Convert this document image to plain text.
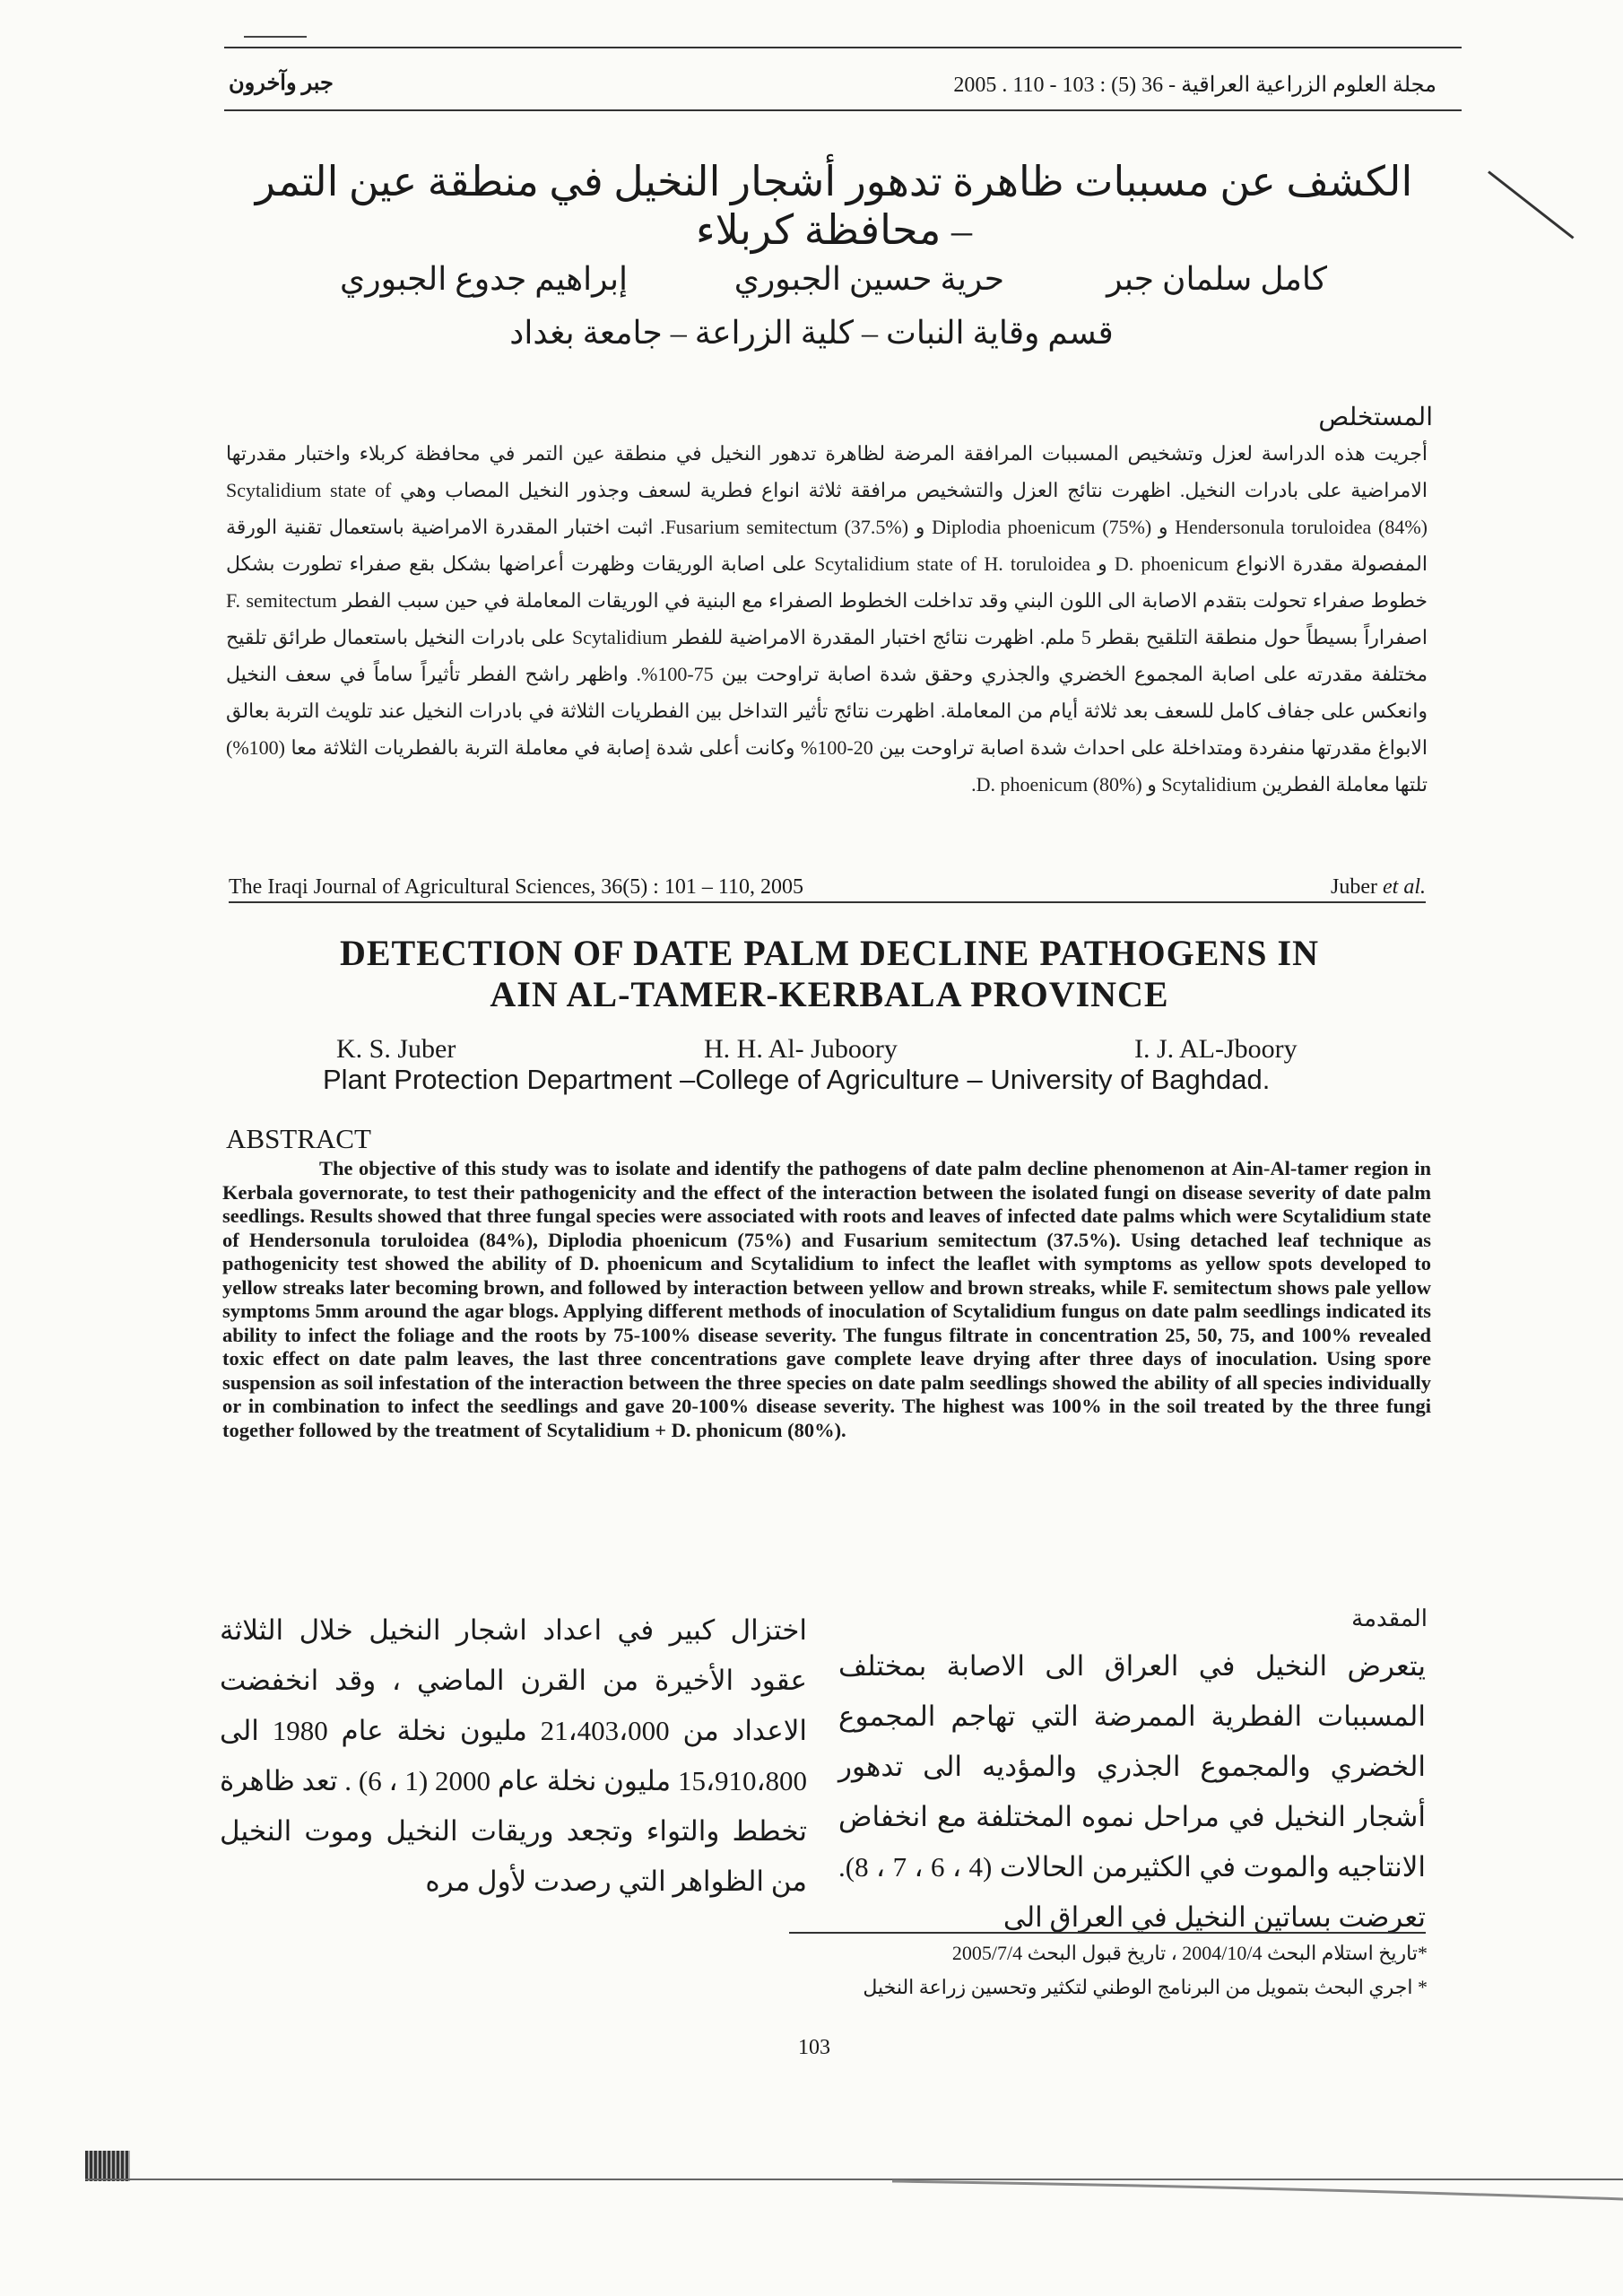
جبر وآخرون	مجلة العلوم الزراعية العراقية - 36 (5) : 103 - 110 . 2005
الكشف عن مسببات ظاهرة تدهور أشجار النخيل في منطقة عين التمر – محافظة كربلاء
كامل سلمان جبر
حرية حسين الجبوري
إبراهيم جدوع الجبوري
قسم وقاية النبات – كلية الزراعة – جامعة بغداد
المستخلص
أجريت هذه الدراسة لعزل وتشخيص المسببات المرافقة المرضة لظاهرة تدهور النخيل في منطقة عين التمر في محافظة كربلاء واختبار مقدرتها الامراضية على بادرات النخيل. اظهرت نتائج العزل والتشخيص مرافقة ثلاثة انواع فطرية لسعف وجذور النخيل المصاب وهي Scytalidium state of Hendersonula toruloidea (84%) و Diplodia phoenicum (75%) و Fusarium semitectum (37.5%). اثبت اختبار المقدرة الامراضية باستعمال تقنية الورقة المفصولة مقدرة الانواع D. phoenicum و Scytalidium state of H. toruloidea على اصابة الوريقات وظهرت أعراضها بشكل بقع صفراء تطورت بشكل خطوط صفراء تحولت بتقدم الاصابة الى اللون البني وقد تداخلت الخطوط الصفراء مع البنية في الوريقات المعاملة في حين سبب الفطر F. semitectum اصفراراً بسيطاً حول منطقة التلقيح بقطر 5 ملم. اظهرت نتائج اختبار المقدرة الامراضية للفطر Scytalidium على بادرات النخيل باستعمال طرائق تلقيح مختلفة مقدرته على اصابة المجموع الخضري والجذري وحقق شدة اصابة تراوحت بين 75-100%. واظهر راشح الفطر تأثيراً ساماً في سعف النخيل وانعكس على جفاف كامل للسعف بعد ثلاثة أيام من المعاملة. اظهرت نتائج تأثير التداخل بين الفطريات الثلاثة في بادرات النخيل عند تلويث التربة بعالق الابواغ مقدرتها منفردة ومتداخلة على احداث شدة اصابة تراوحت بين 20-100% وكانت أعلى شدة إصابة في معاملة التربة بالفطريات الثلاثة معا (100%) تلتها معاملة الفطرين Scytalidium و D. phoenicum (80%).
The Iraqi Journal of Agricultural Sciences, 36(5) : 101 – 110, 2005	Juber et al.
DETECTION OF DATE PALM DECLINE PATHOGENS IN
AIN AL-TAMER-KERBALA PROVINCE
K. S. Juber	H. H. Al- Juboory	I. J. AL-Jboory
Plant Protection Department –College of Agriculture – University of Baghdad.
ABSTRACT

The objective of this study was to isolate and identify the pathogens of date palm decline phenomenon at Ain-Al-tamer region in Kerbala governorate, to test their pathogenicity and the effect of the interaction between the isolated fungi on disease severity of date palm seedlings. Results showed that three fungal species were associated with roots and leaves of infected date palms which were Scytalidium state of Hendersonula toruloidea (84%), Diplodia phoenicum (75%) and Fusarium semitectum (37.5%). Using detached leaf technique as pathogenicity test showed the ability of D. phoenicum and Scytalidium to infect the leaflet with symptoms as yellow spots developed to yellow streaks later becoming brown, and followed by interaction between yellow and brown streaks, while F. semitectum shows pale yellow symptoms 5mm around the agar blogs. Applying different methods of inoculation of Scytalidium fungus on date palm seedlings indicated its ability to infect the foliage and the roots by 75-100% disease severity. The fungus filtrate in concentration 25, 50, 75, and 100% revealed toxic effect on date palm leaves, the last three concentrations gave complete leave drying after three days of inoculation. Using spore suspension as soil infestation of the interaction between the three species on date palm seedlings showed the ability of all species individually or in combination to infect the seedlings and gave 20-100% disease severity. The highest was 100% in the soil treated by the three fungi together followed by the treatment of Scytalidium + D. phonicum (80%).

المقدمة
يتعرض النخيل في العراق الى الاصابة بمختلف المسببات الفطرية الممرضة التي تهاجم المجموع الخضري والمجموع الجذري والمؤديه الى تدهور أشجار النخيل في مراحل نموه المختلفة مع انخفاض الانتاجيه والموت في الكثيرمن الحالات (4 ، 6 ، 7 ، 8). تعرضت بساتين النخيل في العراق الى
اختزال كبير في اعداد اشجار النخيل خلال الثلاثة عقود الأخيرة من القرن الماضي ، وقد انخفضت الاعداد من 21،403،000 مليون نخلة عام 1980 الى 15،910،800 مليون نخلة عام 2000 (1 ، 6) . تعد ظاهرة تخطط والتواء وتجعد وريقات النخيل وموت النخيل من الظواهر التي رصدت لأول مره
*تاريخ استلام البحث 2004/10/4 ، تاريخ قبول البحث 2005/7/4
* اجري البحث بتمويل من البرنامج الوطني لتكثير وتحسين زراعة النخيل
103
